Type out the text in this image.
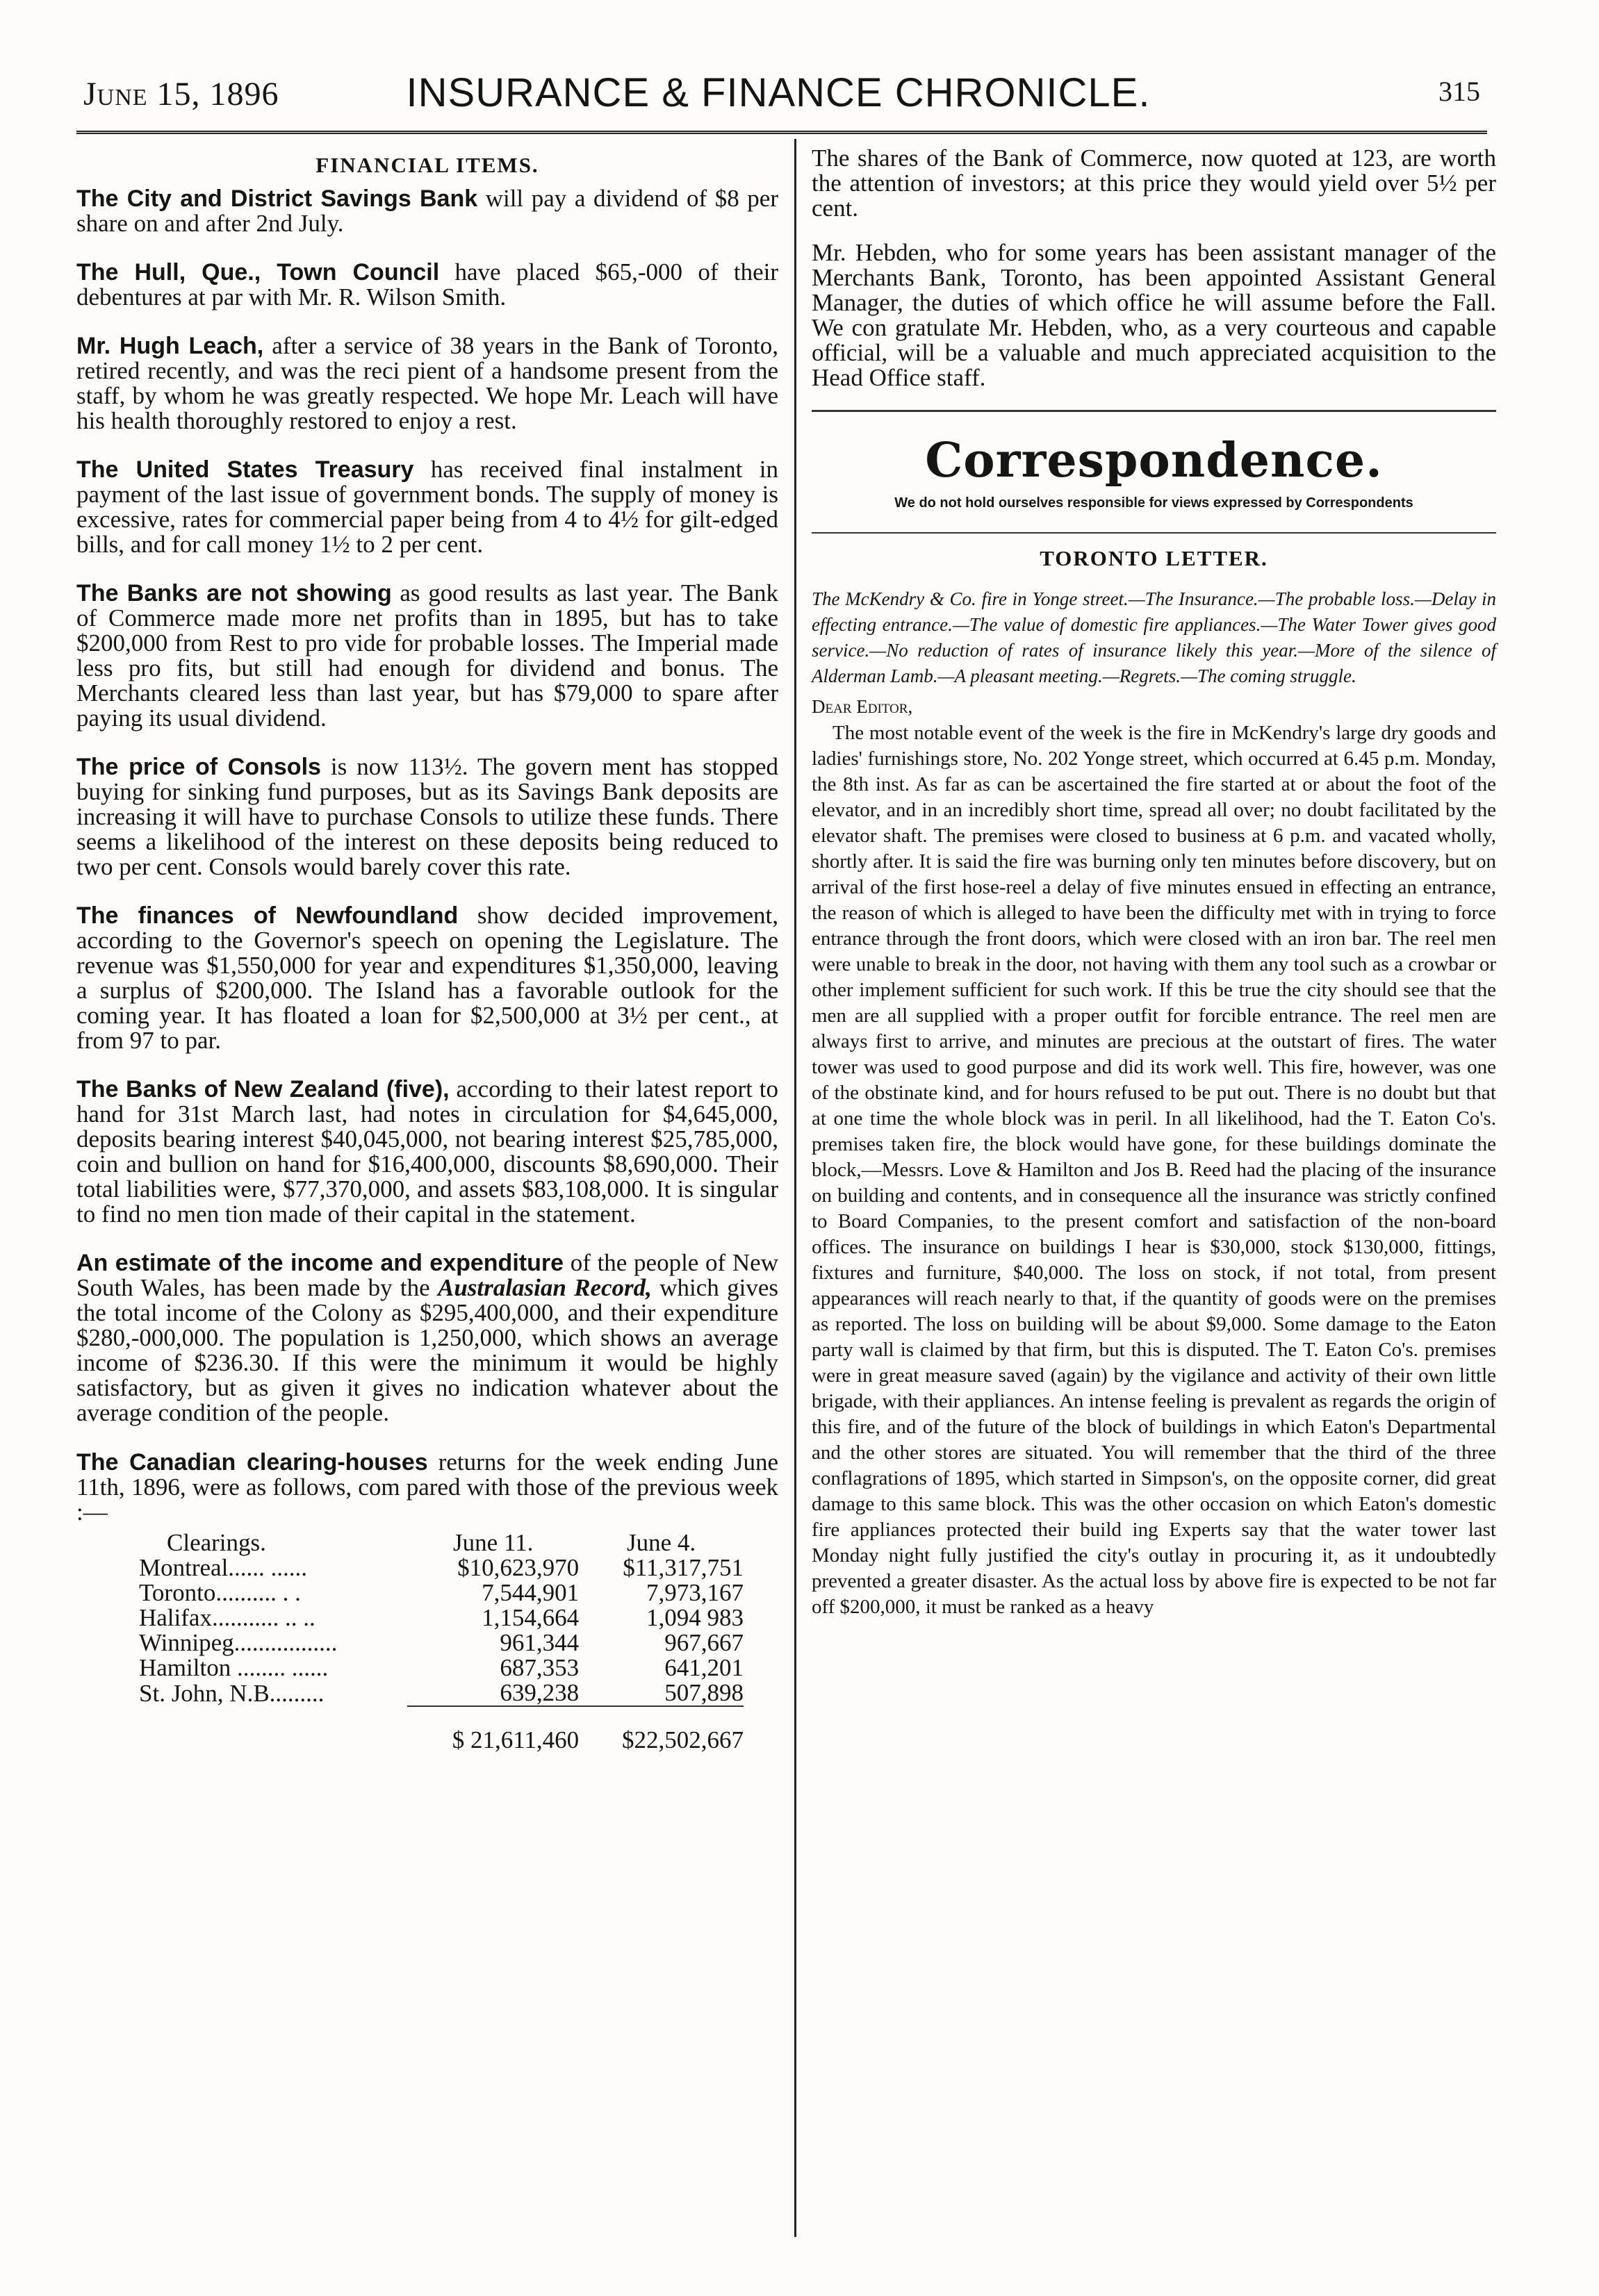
June 15, 1896	INSURANCE & FINANCE CHRONICLE.	315
FINANCIAL ITEMS.

The City and District Savings Bank will pay a dividend of $8 per share on and after 2nd July.

The Hull, Que., Town Council have placed $65,-000 of their debentures at par with Mr. R. Wilson Smith.

Mr. Hugh Leach, after a service of 38 years in the Bank of Toronto, retired recently, and was the reci pient of a handsome present from the staff, by whom he was greatly respected. We hope Mr. Leach will have his health thoroughly restored to enjoy a rest.

The United States Treasury has received final instalment in payment of the last issue of government bonds. The supply of money is excessive, rates for commercial paper being from 4 to 4½ for gilt-edged bills, and for call money 1½ to 2 per cent.

The Banks are not showing as good results as last year. The Bank of Commerce made more net profits than in 1895, but has to take $200,000 from Rest to pro vide for probable losses. The Imperial made less pro fits, but still had enough for dividend and bonus. The Merchants cleared less than last year, but has $79,000 to spare after paying its usual dividend.

The price of Consols is now 113½. The govern ment has stopped buying for sinking fund purposes, but as its Savings Bank deposits are increasing it will have to purchase Consols to utilize these funds. There seems a likelihood of the interest on these deposits being reduced to two per cent. Consols would barely cover this rate.

The finances of Newfoundland show decided improvement, according to the Governor's speech on opening the Legislature. The revenue was $1,550,000 for year and expenditures $1,350,000, leaving a surplus of $200,000. The Island has a favorable outlook for the coming year. It has floated a loan for $2,500,000 at 3½ per cent., at from 97 to par.

The Banks of New Zealand (five), according to their latest report to hand for 31st March last, had notes in circulation for $4,645,000, deposits bearing interest $40,045,000, not bearing interest $25,785,000, coin and bullion on hand for $16,400,000, discounts $8,690,000. Their total liabilities were, $77,370,000, and assets $83,108,000. It is singular to find no men tion made of their capital in the statement.

An estimate of the income and expenditure of the people of New South Wales, has been made by the Australasian Record, which gives the total income of the Colony as $295,400,000, and their expenditure $280,-000,000. The population is 1,250,000, which shows an average income of $236.30. If this were the minimum it would be highly satisfactory, but as given it gives no indication whatever about the average condition of the people.

The Canadian clearing-houses returns for the week ending June 11th, 1896, were as follows, com pared with those of the previous week :—

Clearings.	June 11.	June 4.
Montreal...... ......	$10,623,970	$11,317,751
Toronto.......... . .	7,544,901	7,973,167
Halifax........... .. ..	1,154,664	1,094 983
Winnipeg.................	961,344	967,667
Hamilton ........ ......	687,353	641,201
St. John, N.B.........	639,238	507,898
	$ 21,611,460	$22,502,667

The shares of the Bank of Commerce, now quoted at 123, are worth the attention of investors; at this price they would yield over 5½ per cent.

Mr. Hebden, who for some years has been assistant manager of the Merchants Bank, Toronto, has been appointed Assistant General Manager, the duties of which office he will assume before the Fall. We con gratulate Mr. Hebden, who, as a very courteous and capable official, will be a valuable and much appreciated acquisition to the Head Office staff.

Correspondence.
We do not hold ourselves responsible for views expressed by Correspondents
TORONTO LETTER.

The McKendry & Co. fire in Yonge street.—The Insurance.—The probable loss.—Delay in effecting entrance.—The value of domestic fire appliances.—The Water Tower gives good service.—No reduction of rates of insurance likely this year.—More of the silence of Alderman Lamb.—A pleasant meeting.—Regrets.—The coming struggle.

Dear Editor,

The most notable event of the week is the fire in McKendry's large dry goods and ladies' furnishings store, No. 202 Yonge street, which occurred at 6.45 p.m. Monday, the 8th inst. As far as can be ascertained the fire started at or about the foot of the elevator, and in an incredibly short time, spread all over; no doubt facilitated by the elevator shaft. The premises were closed to business at 6 p.m. and vacated wholly, shortly after. It is said the fire was burning only ten minutes before discovery, but on arrival of the first hose-reel a delay of five minutes ensued in effecting an entrance, the reason of which is alleged to have been the difficulty met with in trying to force entrance through the front doors, which were closed with an iron bar. The reel men were unable to break in the door, not having with them any tool such as a crowbar or other implement sufficient for such work. If this be true the city should see that the men are all supplied with a proper outfit for forcible entrance. The reel men are always first to arrive, and minutes are precious at the outstart of fires. The water tower was used to good purpose and did its work well. This fire, however, was one of the obstinate kind, and for hours refused to be put out. There is no doubt but that at one time the whole block was in peril. In all likelihood, had the T. Eaton Co's. premises taken fire, the block would have gone, for these buildings dominate the block,—Messrs. Love & Hamilton and Jos B. Reed had the placing of the insurance on building and contents, and in consequence all the insurance was strictly confined to Board Companies, to the present comfort and satisfaction of the non-board offices. The insurance on buildings I hear is $30,000, stock $130,000, fittings, fixtures and furniture, $40,000. The loss on stock, if not total, from present appearances will reach nearly to that, if the quantity of goods were on the premises as reported. The loss on building will be about $9,000. Some damage to the Eaton party wall is claimed by that firm, but this is disputed. The T. Eaton Co's. premises were in great measure saved (again) by the vigilance and activity of their own little brigade, with their appliances. An intense feeling is prevalent as regards the origin of this fire, and of the future of the block of buildings in which Eaton's Departmental and the other stores are situated. You will remember that the third of the three conflagrations of 1895, which started in Simpson's, on the opposite corner, did great damage to this same block. This was the other occasion on which Eaton's domestic fire appliances protected their build ing Experts say that the water tower last Monday night fully justified the city's outlay in procuring it, as it undoubtedly prevented a greater disaster. As the actual loss by above fire is expected to be not far off $200,000, it must be ranked as a heavy
